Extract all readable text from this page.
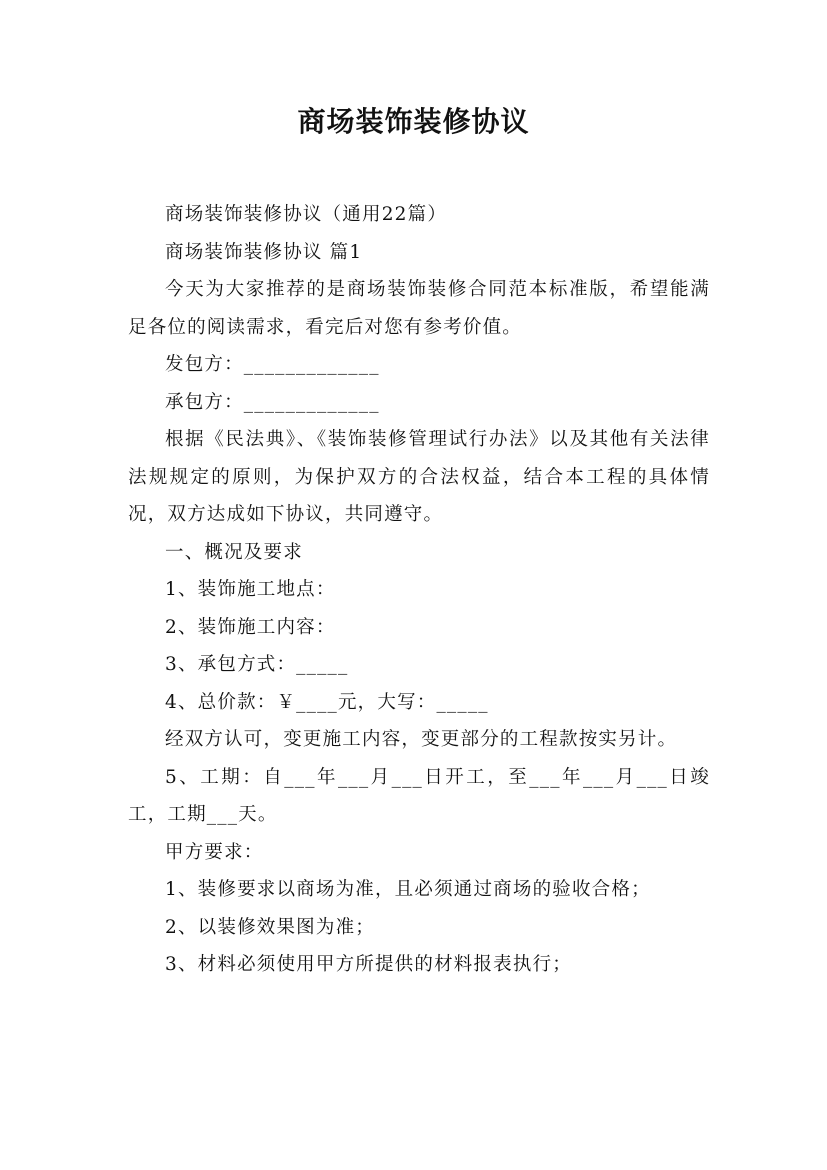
商场装饰装修协议

商场装饰装修协议（通用22篇）

商场装饰装修协议 篇1

今天为大家推荐的是商场装饰装修合同范本标准版，希望能满足各位的阅读需求，看完后对您有参考价值。

发包方：_____________

承包方：_____________

根据《民法典》、《装饰装修管理试行办法》以及其他有关法律法规规定的原则，为保护双方的合法权益，结合本工程的具体情况，双方达成如下协议，共同遵守。

一、概况及要求

1、装饰施工地点：

2、装饰施工内容：

3、承包方式：_____

4、总价款：￥____元，大写：_____

经双方认可，变更施工内容，变更部分的工程款按实另计。

5、工期：自___年___月___日开工，至___年___月___日竣工，工期___天。

甲方要求：

1、装修要求以商场为准，且必须通过商场的验收合格；

2、以装修效果图为准；

3、材料必须使用甲方所提供的材料报表执行；
